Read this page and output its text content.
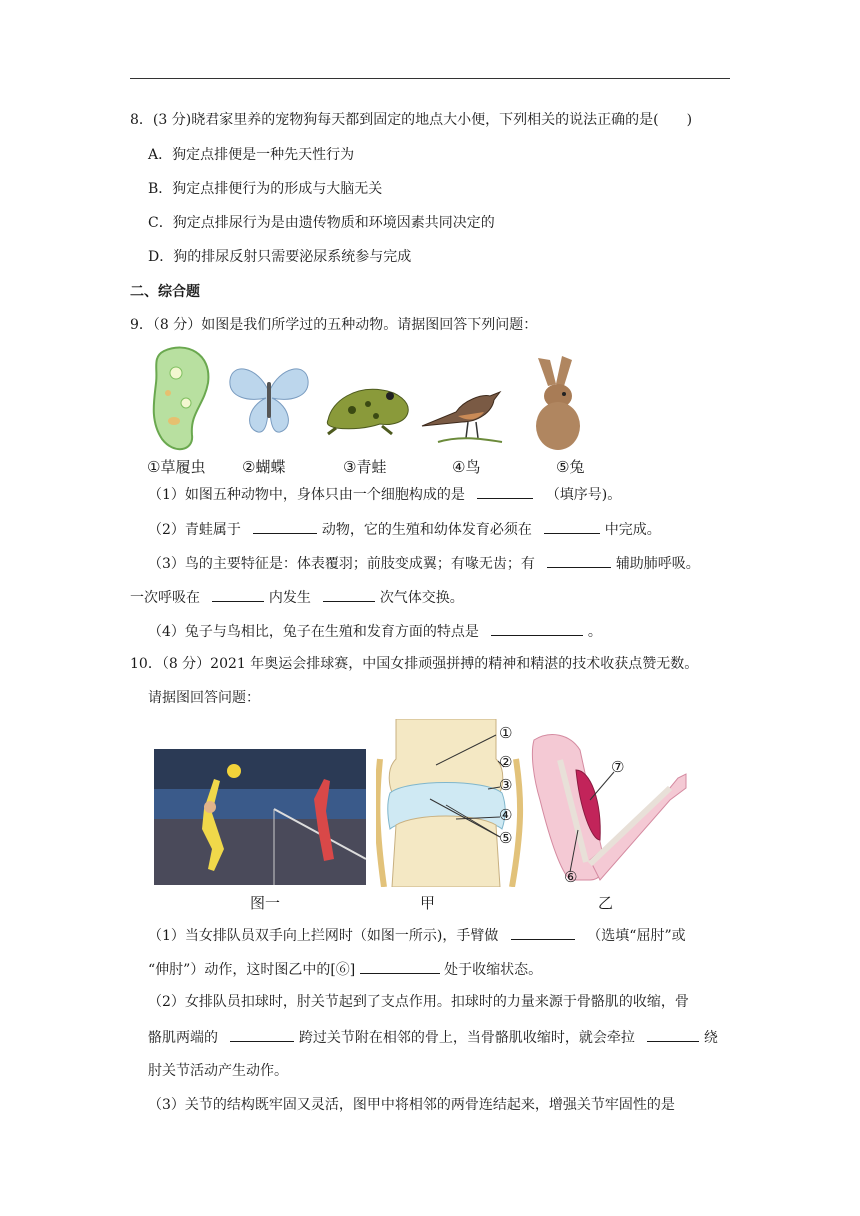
8．(3 分)晓君家里养的宠物狗每天都到固定的地点大小便，下列相关的说法正确的是(　　)
A．狗定点排便是一种先天性行为
B．狗定点排便行为的形成与大脑无关
C．狗定点排尿行为是由遗传物质和环境因素共同决定的
D．狗的排尿反射只需要泌尿系统参与完成
二、综合题
9．（8 分）如图是我们所学过的五种动物。请据图回答下列问题：
①草履虫 ②蝴蝶	③青蛙	④鸟	⑤兔
（1）如图五种动物中，身体只由一个细胞构成的是	（填序号)。
（2）青蛙属于	动物，它的生殖和幼体发育必须在	中完成。
（3）鸟的主要特征是：体表覆羽；前肢变成翼；有喙无齿；有	辅助肺呼吸。
一次呼吸在	内发生	次气体交换。
（4）兔子与鸟相比，兔子在生殖和发育方面的特点是	。
10．（8 分）2021 年奥运会排球赛，中国女排顽强拼搏的精神和精湛的技术收获点赞无数。
请据图回答问题：
①
②
③
④
⑤
⑦
⑥
图一	甲	乙
（1）当女排队员双手向上拦网时（如图一所示)，手臂做	（选填“屈肘”或
“伸肘”）动作，这时图乙中的[⑥]	处于收缩状态。
（2）女排队员扣球时，肘关节起到了支点作用。扣球时的力量来源于骨骼肌的收缩，骨
骼肌两端的	跨过关节附在相邻的骨上，当骨骼肌收缩时，就会牵拉	绕
肘关节活动产生动作。
（3）关节的结构既牢固又灵活，图甲中将相邻的两骨连结起来，增强关节牢固性的是
